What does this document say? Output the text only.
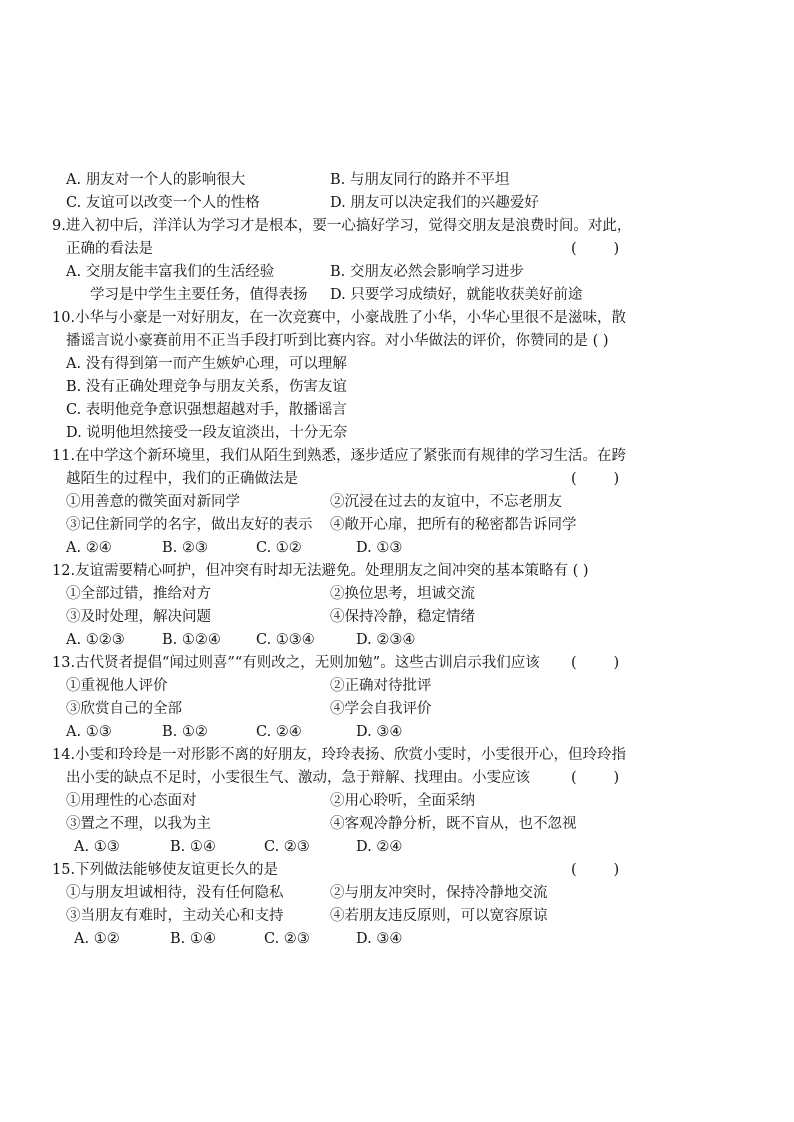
A. 朋友对一个人的影响很大	B. 与朋友同行的路并不平坦
C. 友谊可以改变一个人的性格	D. 朋友可以决定我们的兴趣爱好
9.进入初中后，洋洋认为学习才是根本，要一心搞好学习，觉得交朋友是浪费时间。对此，
正确的看法是	(        )
A. 交朋友能丰富我们的生活经验	B. 交朋友必然会影响学习进步
学习是中学生主要任务，值得表扬 D. 只要学习成绩好，就能收获美好前途
10.小华与小豪是一对好朋友，在一次竞赛中，小豪战胜了小华，小华心里很不是滋味，散
播谣言说小豪赛前用不正当手段打听到比赛内容。对小华做法的评价，你赞同的是 ( )
A. 没有得到第一而产生嫉妒心理，可以理解
B. 没有正确处理竞争与朋友关系，伤害友谊
C. 表明他竞争意识强想超越对手，散播谣言
D. 说明他坦然接受一段友谊淡出，十分无奈
11.在中学这个新环境里，我们从陌生到熟悉，逐步适应了紧张而有规律的学习生活。在跨
越陌生的过程中，我们的正确做法是	(        )
①用善意的微笑面对新同学	②沉浸在过去的友谊中，不忘老朋友
③记住新同学的名字，做出友好的表示 ④敞开心扉，把所有的秘密都告诉同学
A. ②④	B. ②③	C. ①②	D. ①③
12.友谊需要精心呵护，但冲突有时却无法避免。处理朋友之间冲突的基本策略有 ( )
①全部过错，推给对方	②换位思考，坦诚交流
③及时处理，解决问题	④保持冷静，稳定情绪
A. ①②③	B. ①②④ C. ①③④	D. ②③④
13.古代贤者提倡“闻过则喜”“有则改之，无则加勉”。这些古训启示我们应该	(        )
①重视他人评价	②正确对待批评
③欣赏自己的全部	④学会自我评价
A. ①③	B. ①②	C. ②④	D. ③④
14.小雯和玲玲是一对形影不离的好朋友，玲玲表扬、欣赏小雯时，小雯很开心，但玲玲指
出小雯的缺点不足时，小雯很生气、激动，急于辩解、找理由。小雯应该	(        )
①用理性的心态面对	②用心聆听，全面采纳
③置之不理，以我为主	④客观冷静分析，既不盲从，也不忽视
A. ①③	B. ①④	C. ②③	D. ②④
15.下列做法能够使友谊更长久的是	(        )
①与朋友坦诚相待，没有任何隐私	②与朋友冲突时，保持冷静地交流
③当朋友有难时，主动关心和支持	④若朋友违反原则，可以宽容原谅
A. ①②	B. ①④	C. ②③	D. ③④
